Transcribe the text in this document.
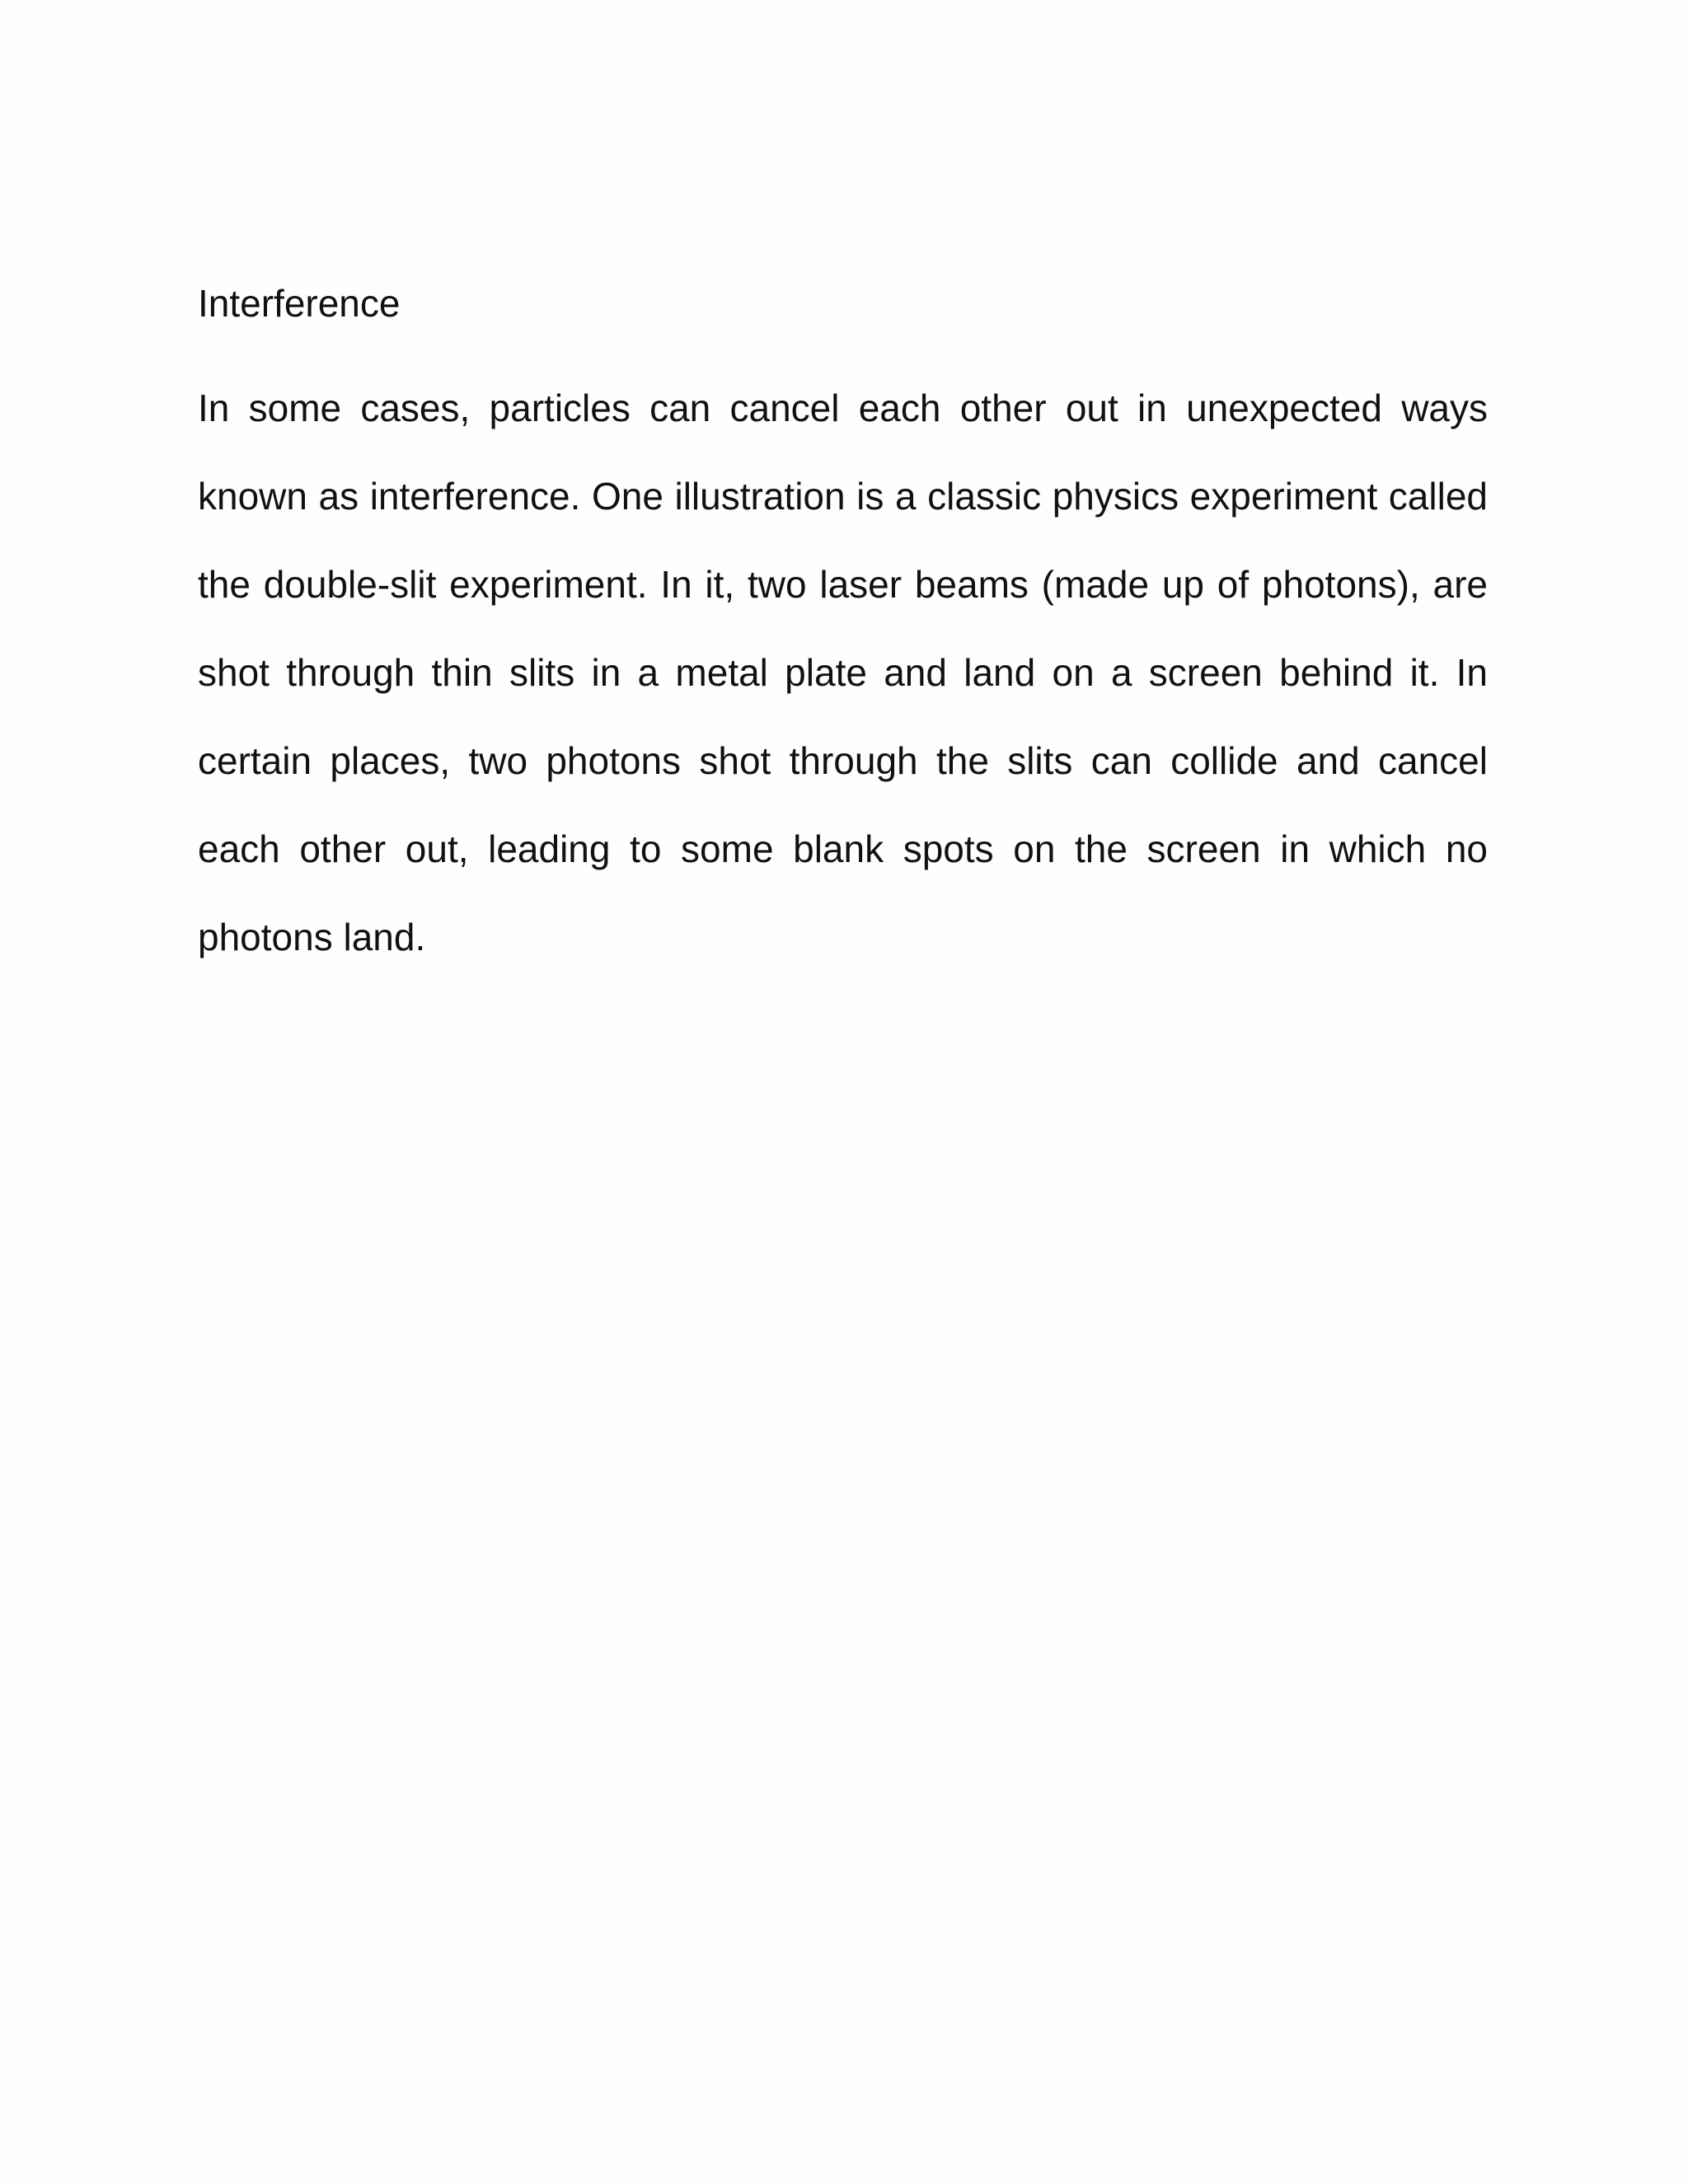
Interference

In some cases, particles can cancel each other out in unexpected ways known as interference. One illustration is a classic physics experiment called the double-slit experiment. In it, two laser beams (made up of photons), are shot through thin slits in a metal plate and land on a screen behind it. In certain places, two photons shot through the slits can collide and cancel each other out, leading to some blank spots on the screen in which no photons land.
